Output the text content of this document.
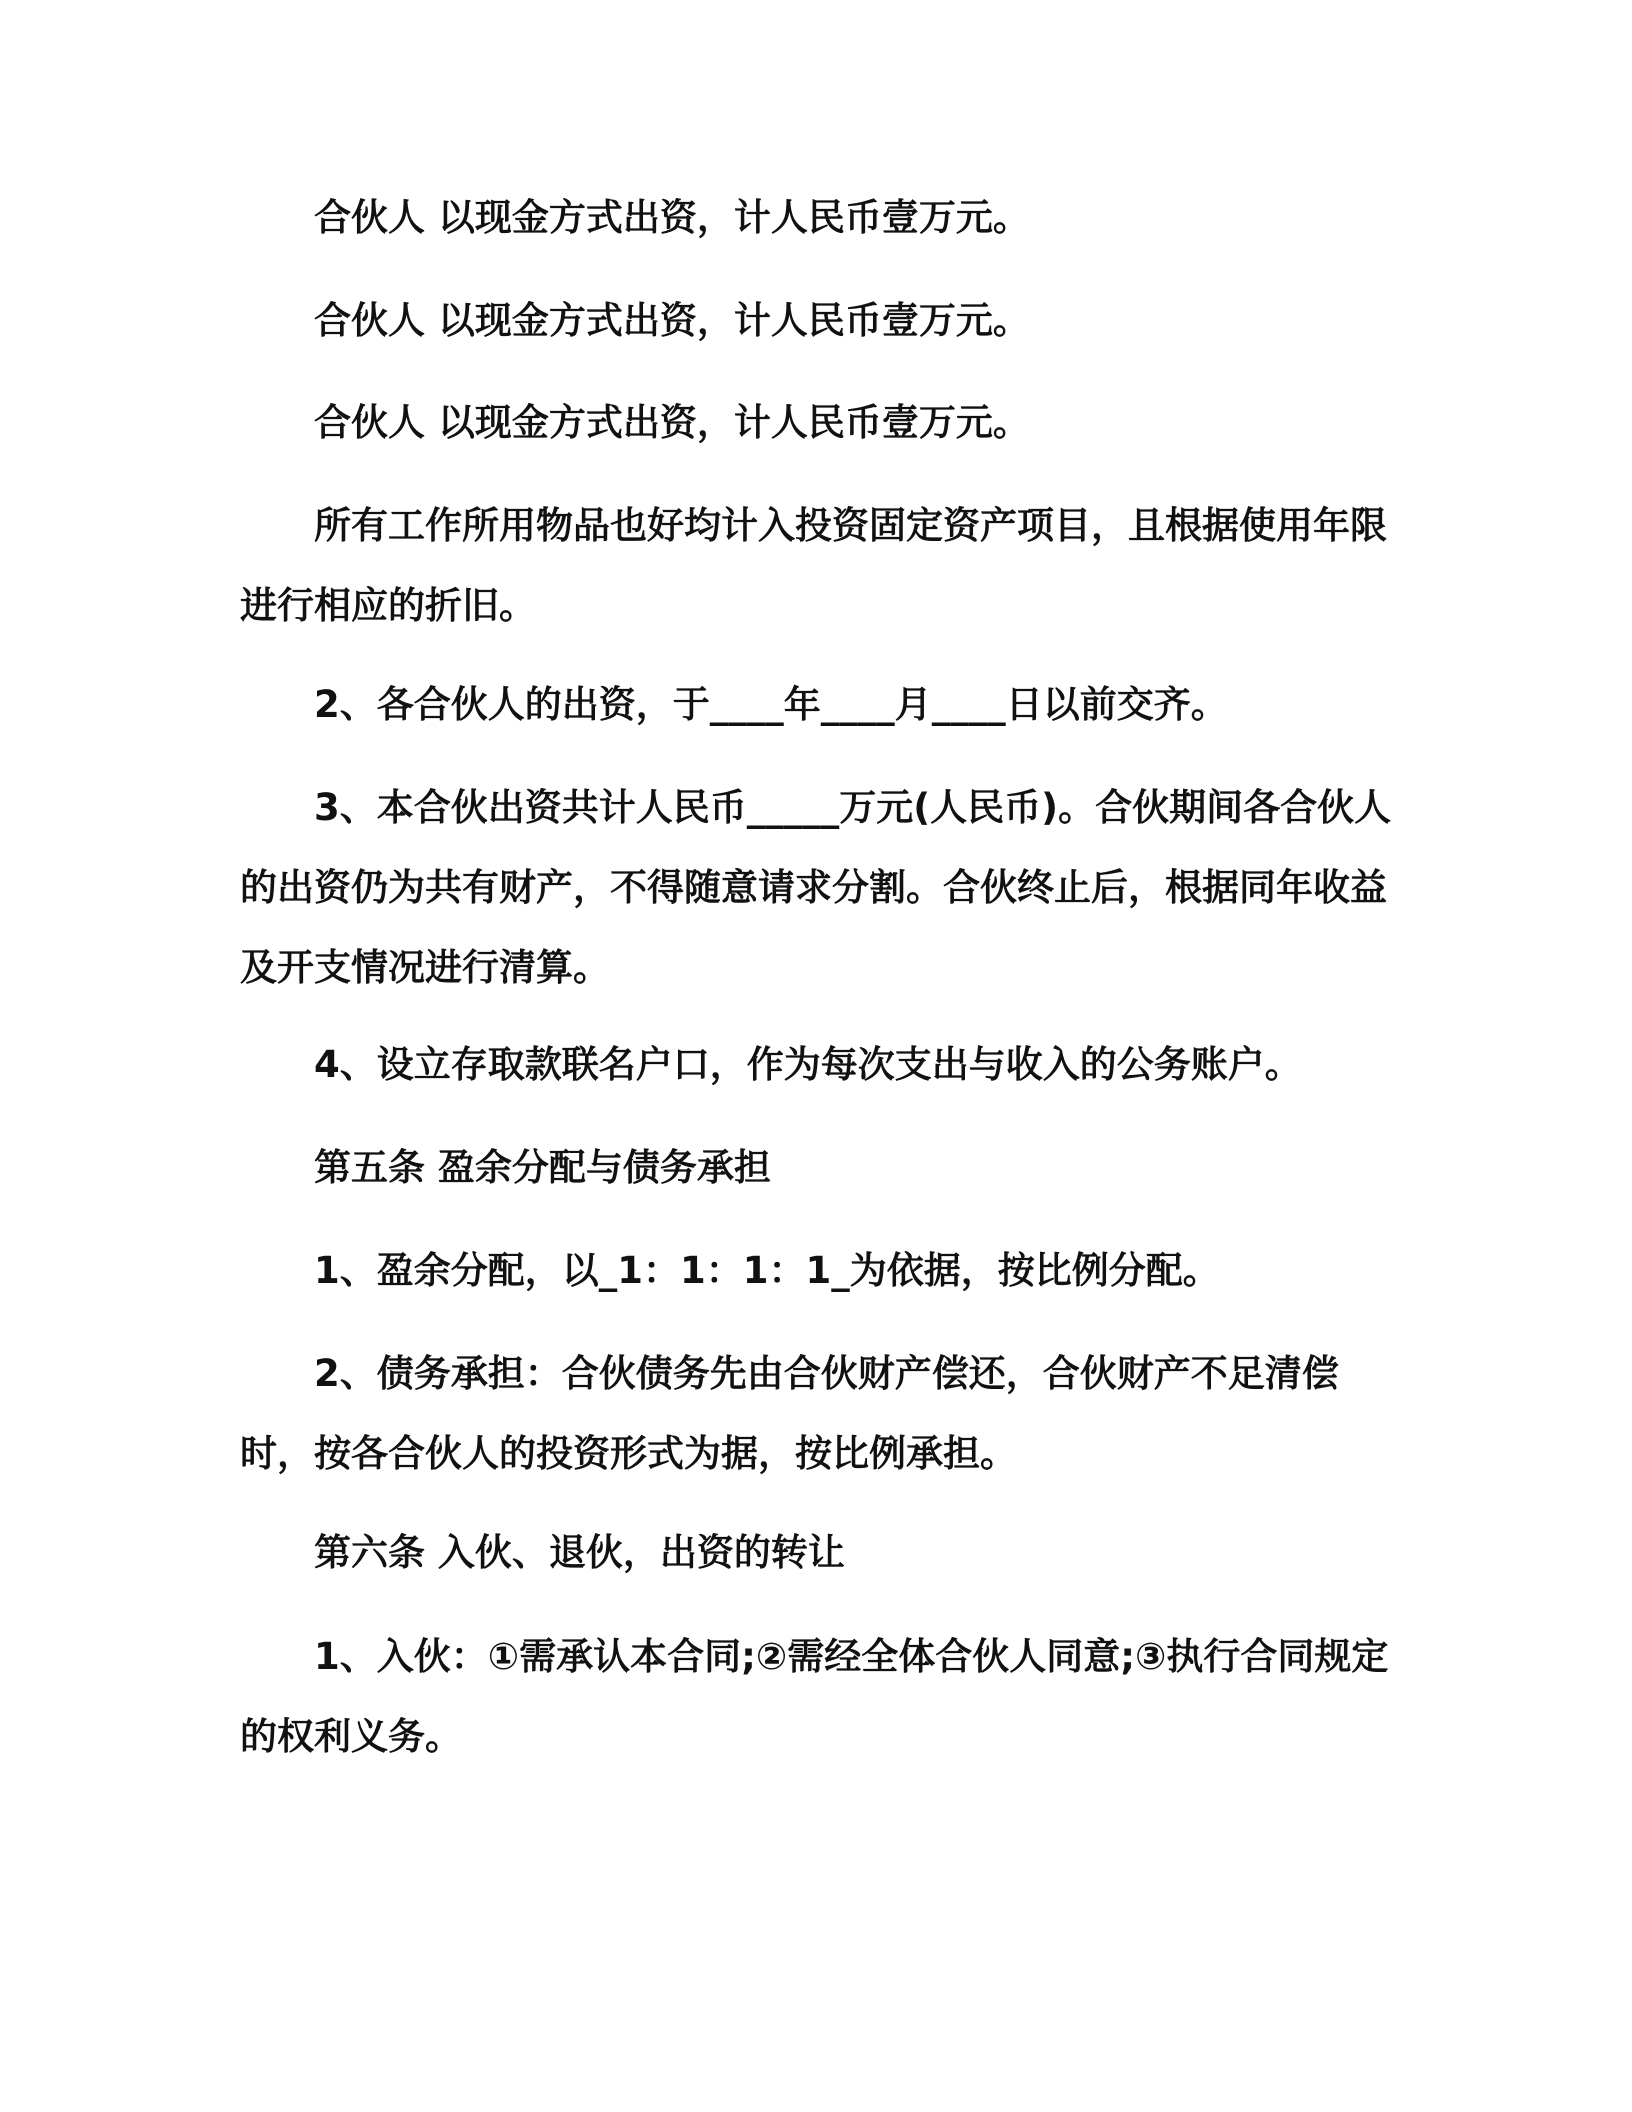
合伙人 以现金方式出资，计人民币壹万元。

合伙人 以现金方式出资，计人民币壹万元。

合伙人 以现金方式出资，计人民币壹万元。

所有工作所用物品也好均计入投资固定资产项目，且根据使用年限进行相应的折旧。

2、各合伙人的出资，于____年____月____日以前交齐。

3、本合伙出资共计人民币_____万元(人民币)。合伙期间各合伙人的出资仍为共有财产，不得随意请求分割。合伙终止后，根据同年收益及开支情况进行清算。

4、设立存取款联名户口，作为每次支出与收入的公务账户。

第五条 盈余分配与债务承担

1、盈余分配，以_1：1：1：1_为依据，按比例分配。

2、债务承担：合伙债务先由合伙财产偿还，合伙财产不足清偿时，按各合伙人的投资形式为据，按比例承担。

第六条 入伙、退伙，出资的转让

1、入伙：①需承认本合同;②需经全体合伙人同意;③执行合同规定的权利义务。
